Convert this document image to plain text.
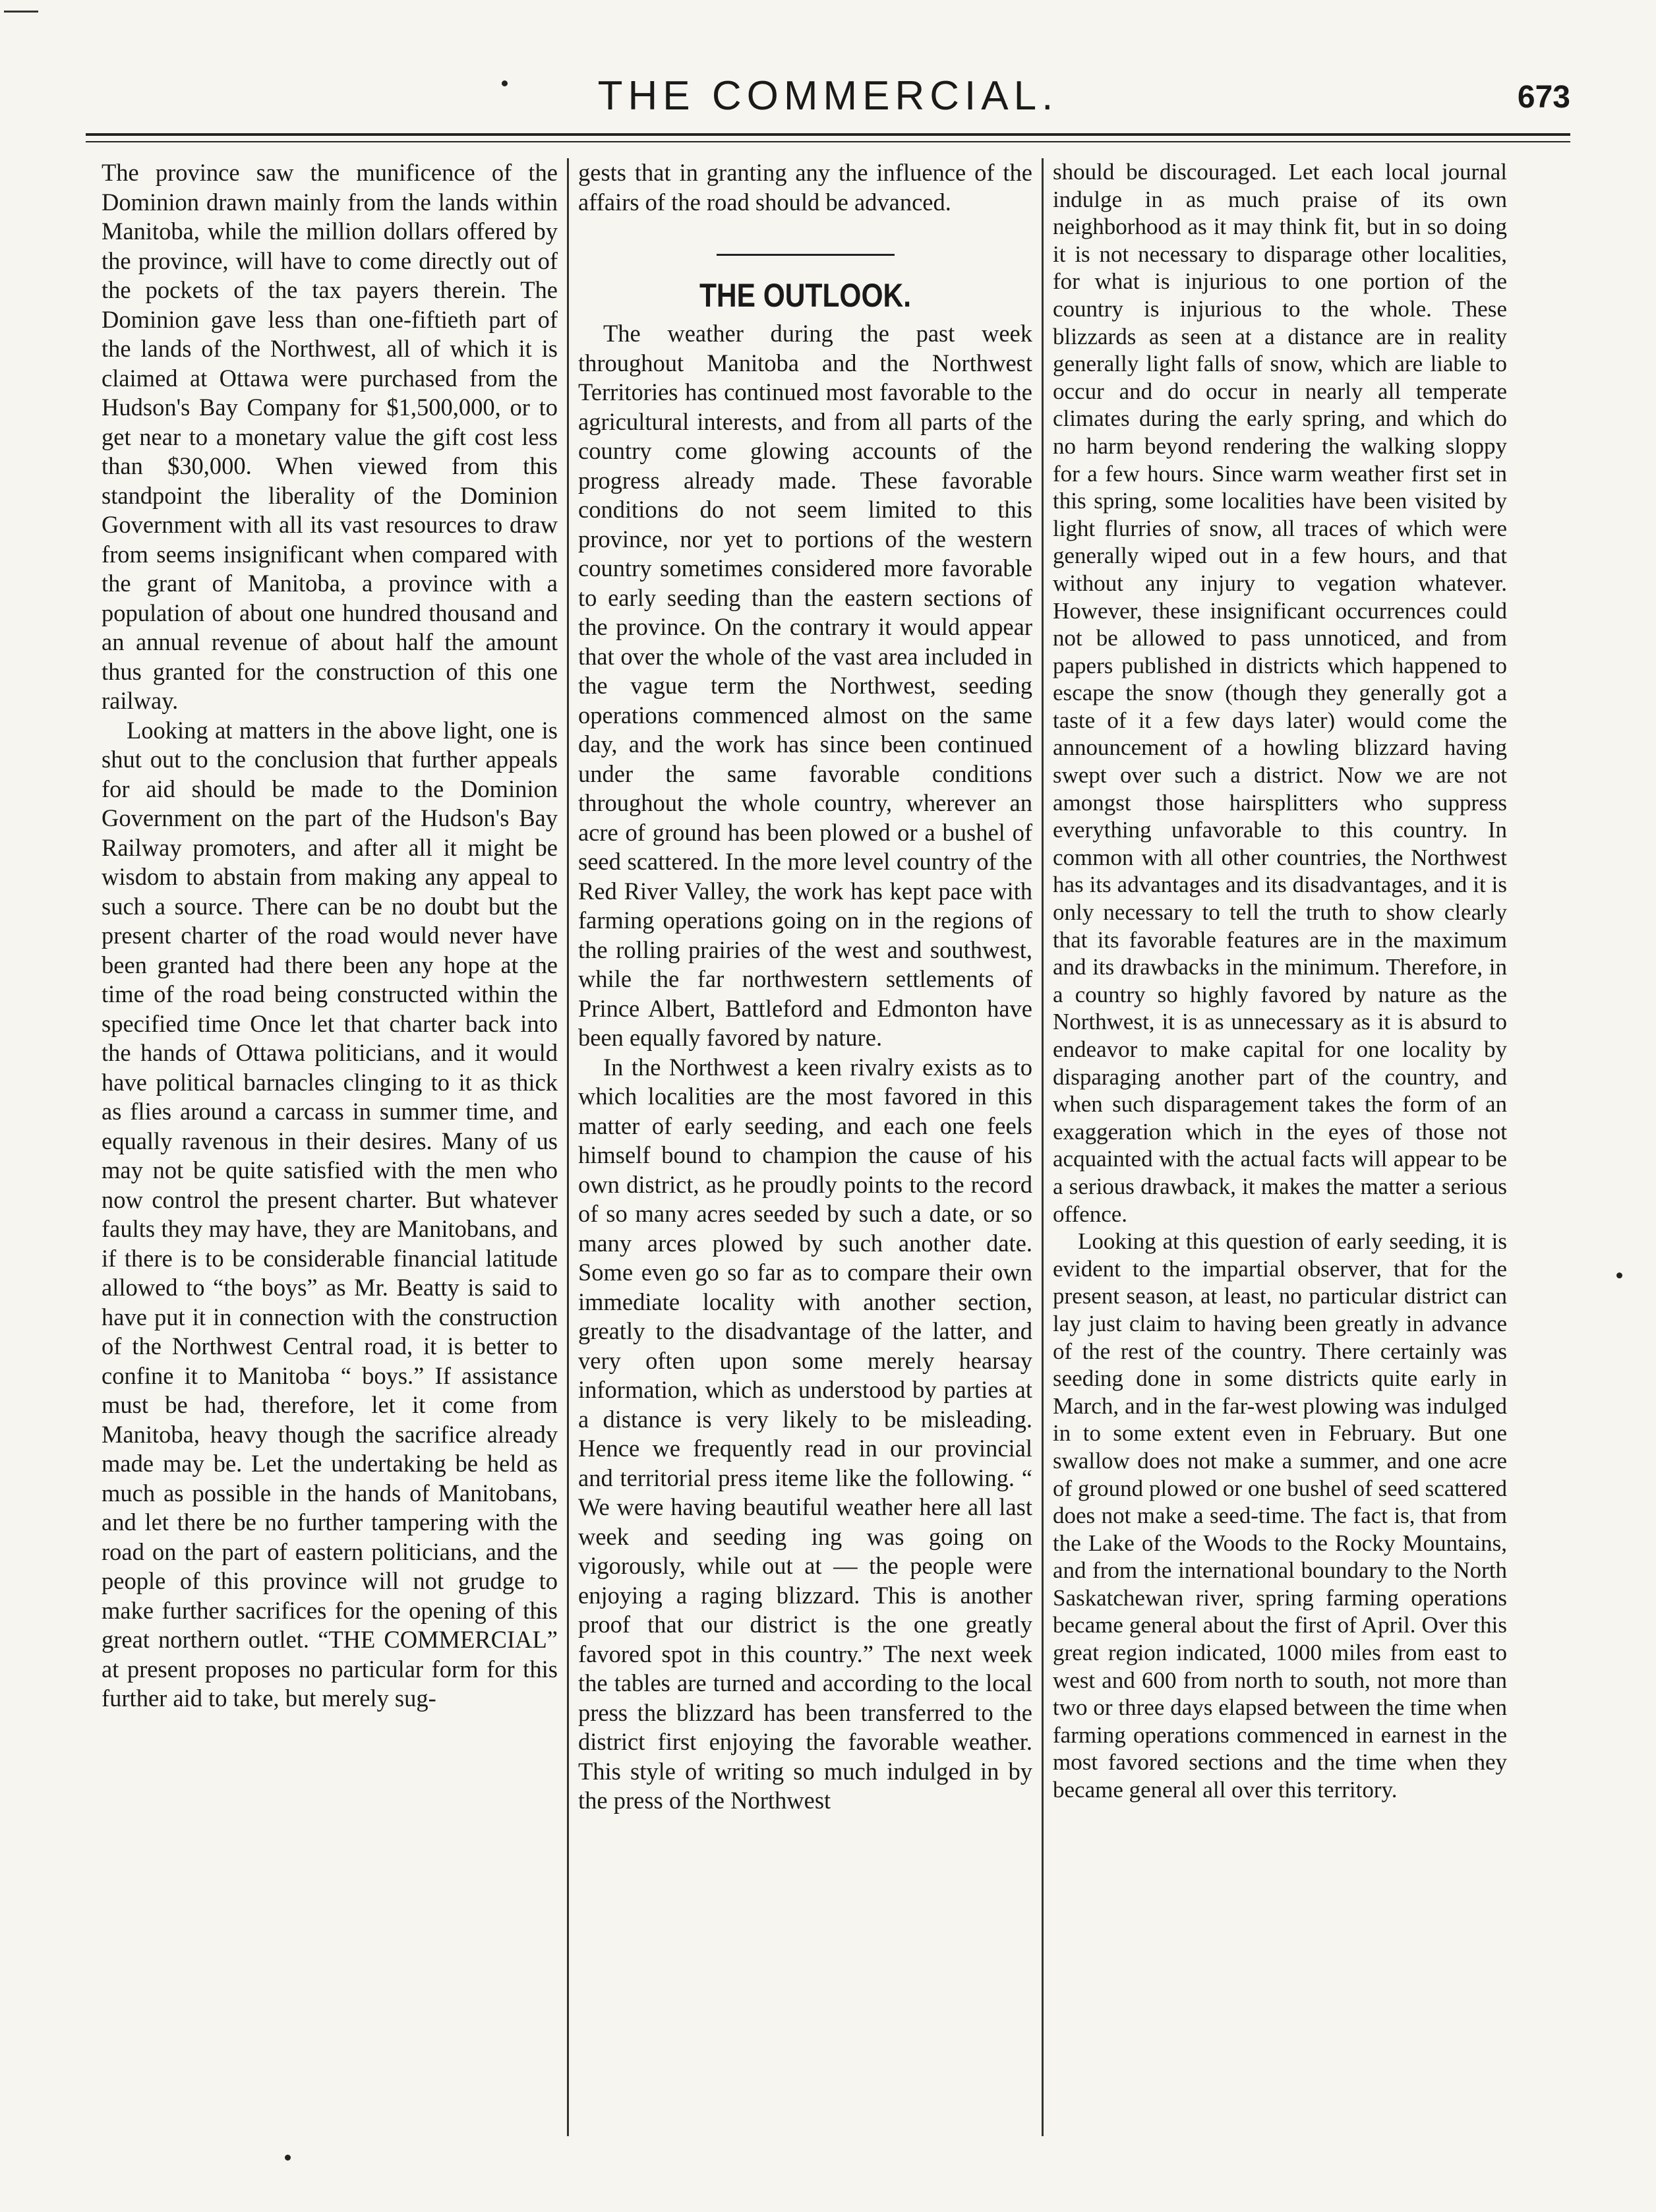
THE COMMERCIAL.	673

The province saw the munificence of the Dominion drawn mainly from the lands within Manitoba, while the million dollars offered by the province, will have to come directly out of the pockets of the tax payers therein. The Dominion gave less than one-fiftieth part of the lands of the Northwest, all of which it is claimed at Ottawa were purchased from the Hudson's Bay Company for $1,500,000, or to get near to a monetary value the gift cost less than $30,000. When viewed from this standpoint the liberality of the Dominion Government with all its vast resources to draw from seems insignificant when compared with the grant of Manitoba, a province with a population of about one hundred thousand and an annual revenue of about half the amount thus granted for the construction of this one railway.

Looking at matters in the above light, one is shut out to the conclusion that further appeals for aid should be made to the Dominion Government on the part of the Hudson's Bay Railway promoters, and after all it might be wisdom to abstain from making any appeal to such a source. There can be no doubt but the present charter of the road would never have been granted had there been any hope at the time of the road being constructed within the specified time Once let that charter back into the hands of Ottawa politicians, and it would have political barnacles clinging to it as thick as flies around a carcass in summer time, and equally ravenous in their desires. Many of us may not be quite satisfied with the men who now control the present charter. But whatever faults they may have, they are Manitobans, and if there is to be considerable financial latitude allowed to “the boys” as Mr. Beatty is said to have put it in connection with the construction of the Northwest Central road, it is better to confine it to Manitoba “ boys.” If assistance must be had, therefore, let it come from Manitoba, heavy though the sacrifice already made may be. Let the undertaking be held as much as possible in the hands of Manitobans, and let there be no further tampering with the road on the part of eastern politicians, and the people of this province will not grudge to make further sacrifices for the opening of this great northern outlet. “THE COMMERCIAL” at present proposes no particular form for this further aid to take, but merely sug-

gests that in granting any the influence of the affairs of the road should be advanced.

THE OUTLOOK.

The weather during the past week throughout Manitoba and the Northwest Territories has continued most favorable to the agricultural interests, and from all parts of the country come glowing accounts of the progress already made. These favorable conditions do not seem limited to this province, nor yet to portions of the western country sometimes considered more favorable to early seeding than the eastern sections of the province. On the contrary it would appear that over the whole of the vast area included in the vague term the Northwest, seeding operations commenced almost on the same day, and the work has since been continued under the same favorable conditions throughout the whole country, wherever an acre of ground has been plowed or a bushel of seed scattered. In the more level country of the Red River Valley, the work has kept pace with farming operations going on in the regions of the rolling prairies of the west and southwest, while the far northwestern settlements of Prince Albert, Battleford and Edmonton have been equally favored by nature.

In the Northwest a keen rivalry exists as to which localities are the most favored in this matter of early seeding, and each one feels himself bound to champion the cause of his own district, as he proudly points to the record of so many acres seeded by such a date, or so many arces plowed by such another date. Some even go so far as to compare their own immediate locality with another section, greatly to the disadvantage of the latter, and very often upon some merely hearsay information, which as understood by parties at a distance is very likely to be misleading. Hence we frequently read in our provincial and territorial press iteme like the following. “ We were having beautiful weather here all last week and seeding ing was going on vigorously, while out at — the people were enjoying a raging blizzard. This is another proof that our district is the one greatly favored spot in this country.” The next week the tables are turned and according to the local press the blizzard has been transferred to the district first enjoying the favorable weather. This style of writing so much indulged in by the press of the Northwest

should be discouraged. Let each local journal indulge in as much praise of its own neighborhood as it may think fit, but in so doing it is not necessary to disparage other localities, for what is injurious to one portion of the country is injurious to the whole. These blizzards as seen at a distance are in reality generally light falls of snow, which are liable to occur and do occur in nearly all temperate climates during the early spring, and which do no harm beyond rendering the walking sloppy for a few hours. Since warm weather first set in this spring, some localities have been visited by light flurries of snow, all traces of which were generally wiped out in a few hours, and that without any injury to vegation whatever. However, these insignificant occurrences could not be allowed to pass unnoticed, and from papers published in districts which happened to escape the snow (though they generally got a taste of it a few days later) would come the announcement of a howling blizzard having swept over such a district. Now we are not amongst those hairsplitters who suppress everything unfavorable to this country. In common with all other countries, the Northwest has its advantages and its disadvantages, and it is only necessary to tell the truth to show clearly that its favorable features are in the maximum and its drawbacks in the minimum. Therefore, in a country so highly favored by nature as the Northwest, it is as unnecessary as it is absurd to endeavor to make capital for one locality by disparaging another part of the country, and when such disparagement takes the form of an exaggeration which in the eyes of those not acquainted with the actual facts will appear to be a serious drawback, it makes the matter a serious offence.

Looking at this question of early seeding, it is evident to the impartial observer, that for the present season, at least, no particular district can lay just claim to having been greatly in advance of the rest of the country. There certainly was seeding done in some districts quite early in March, and in the far-west plowing was indulged in to some extent even in February. But one swallow does not make a summer, and one acre of ground plowed or one bushel of seed scattered does not make a seed-time. The fact is, that from the Lake of the Woods to the Rocky Mountains, and from the international boundary to the North Saskatchewan river, spring farming operations became general about the first of April. Over this great region indicated, 1000 miles from east to west and 600 from north to south, not more than two or three days elapsed between the time when farming operations commenced in earnest in the most favored sections and the time when they became general all over this territory.
